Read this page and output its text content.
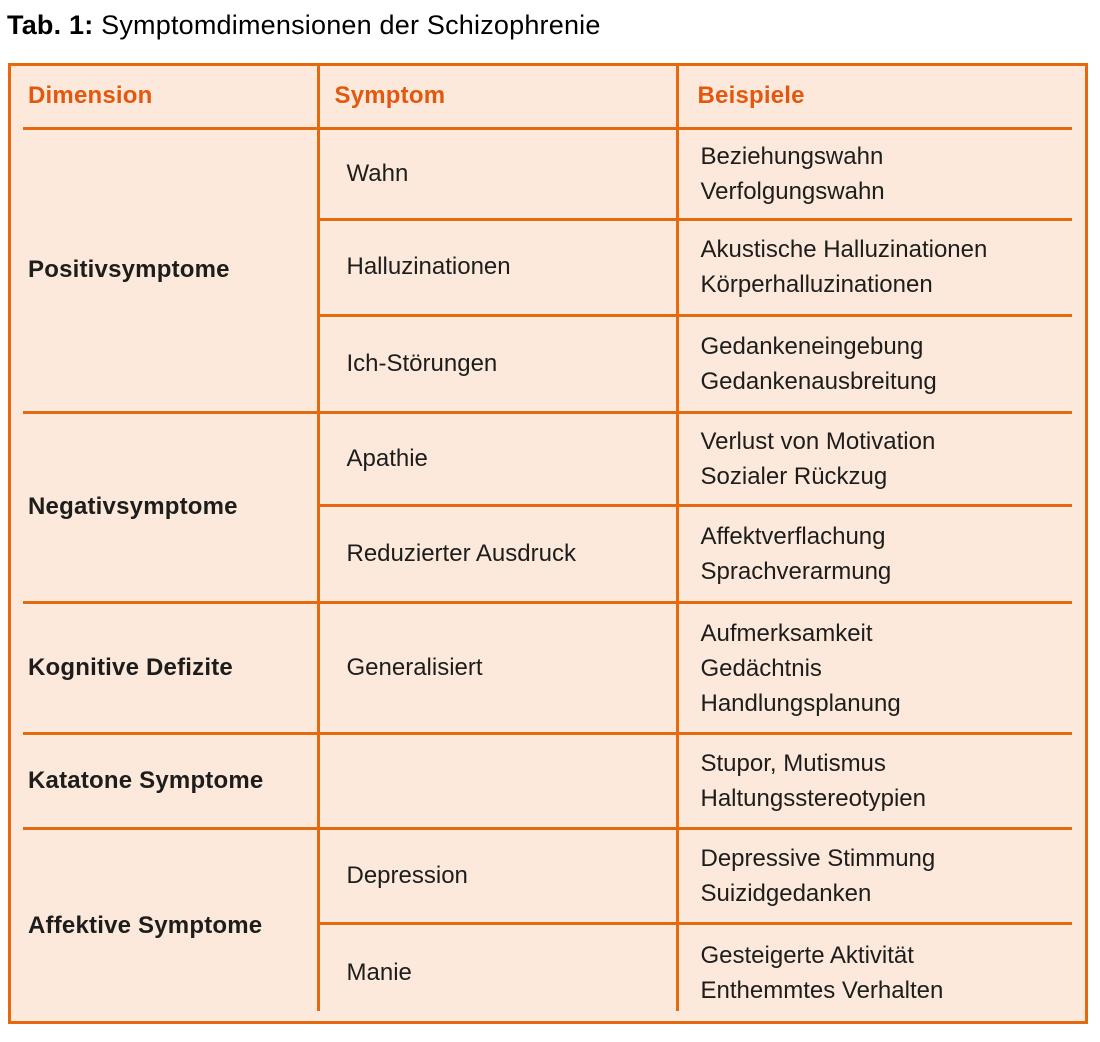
Tab. 1: Symptomdimensionen der Schizophrenie
Dimension	Symptom	Beispiele
Positivsymptome	Wahn	Beziehungswahn
Verfolgungswahn

	Halluzinationen	Akustische Halluzinationen
Körperhalluzinationen

	Ich-Störungen	Gedankeneingebung
Gedankenausbreitung

Negativsymptome	Apathie	Verlust von Motivation
Sozialer Rückzug

	Reduzierter Ausdruck	Affektverflachung
Sprachverarmung

Kognitive Defizite	Generalisiert	Aufmerksamkeit
Gedächtnis
Handlungsplanung

Katatone Symptome		Stupor, Mutismus
Haltungsstereotypien

Affektive Symptome	Depression	Depressive Stimmung
Suizidgedanken

	Manie	Gesteigerte Aktivität
Enthemmtes Verhalten
